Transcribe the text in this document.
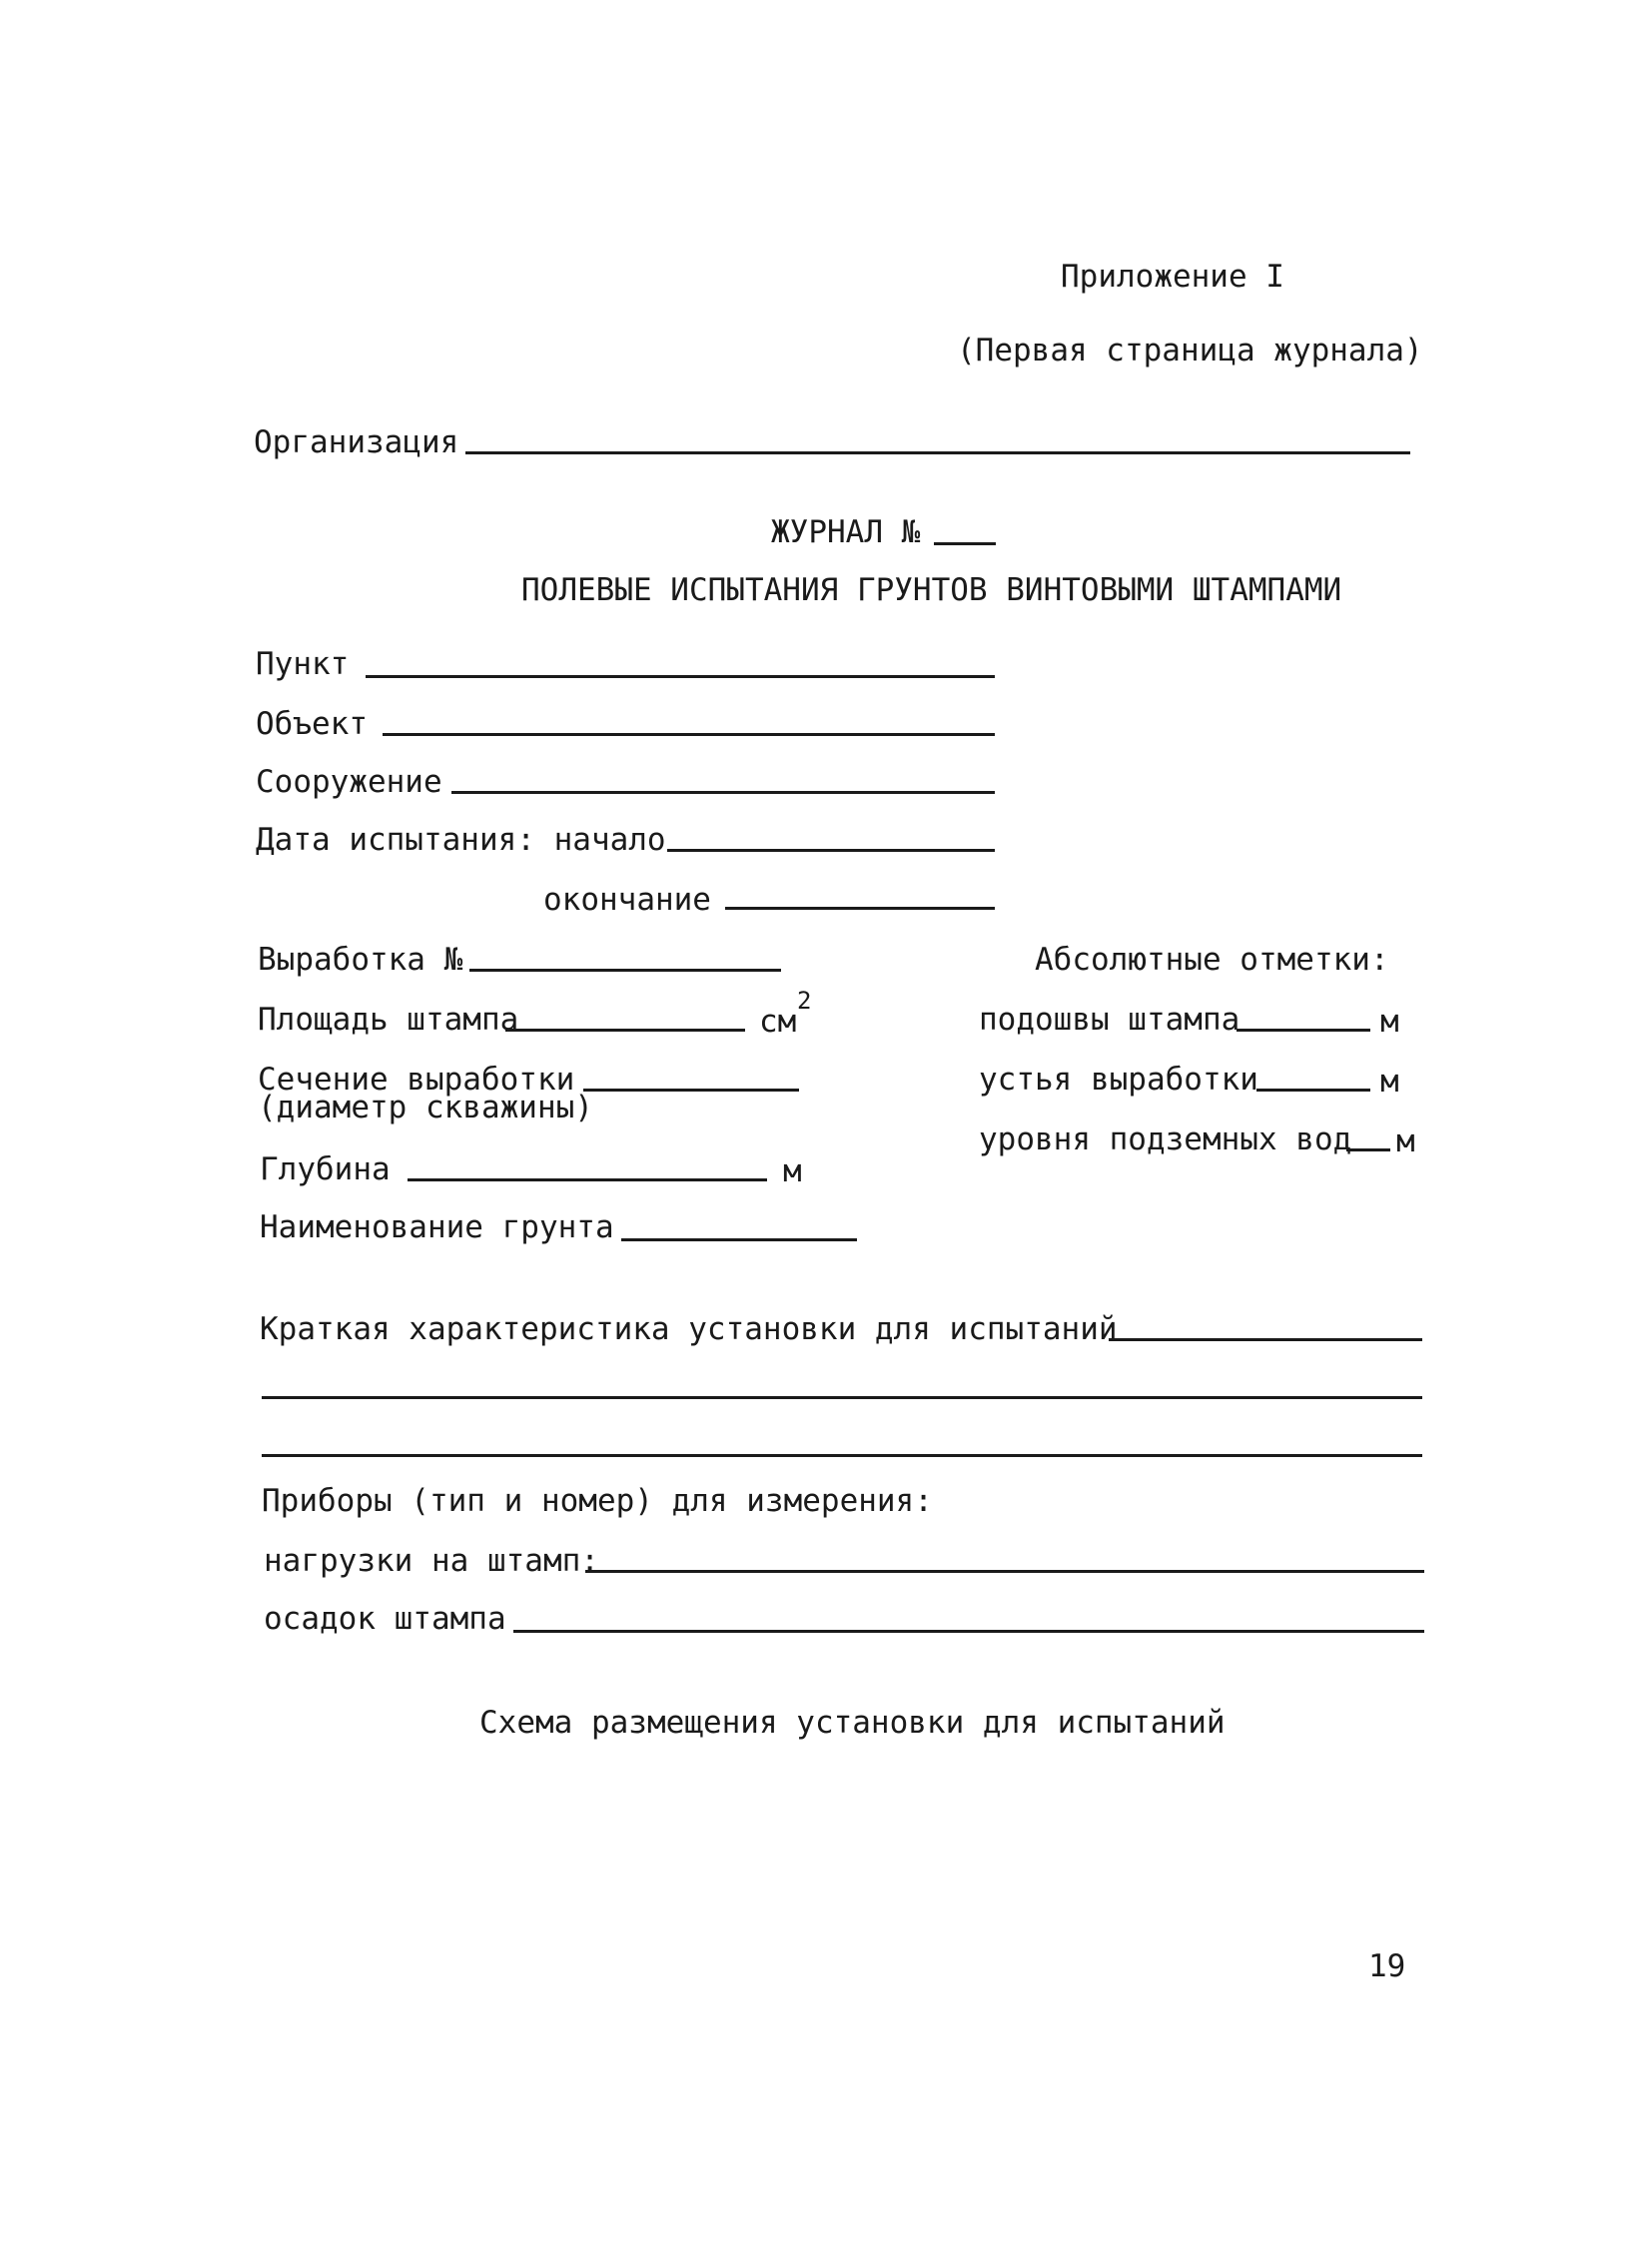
Приложение I
(Первая страница журнала)
Организация
ЖУРНАЛ №
ПОЛЕВЫЕ ИСПЫТАНИЯ ГРУНТОВ ВИНТОВЫМИ ШТАМПАМИ
Пункт
Объект
Сооружение
Дата испытания: начало
окончание
Выработка №
Площадь штампа	см
2
Сечение выработки
(диаметр скважины)
Глубина	м
Наименование грунта
Абсолютные отметки:
подошвы штампа	м
устья выработки	м
уровня подземных вод м
Краткая характеристика установки для испытаний
Приборы (тип и номер) для измерения:
нагрузки на штамп:
осадок штампа
Схема размещения установки для испытаний
19
